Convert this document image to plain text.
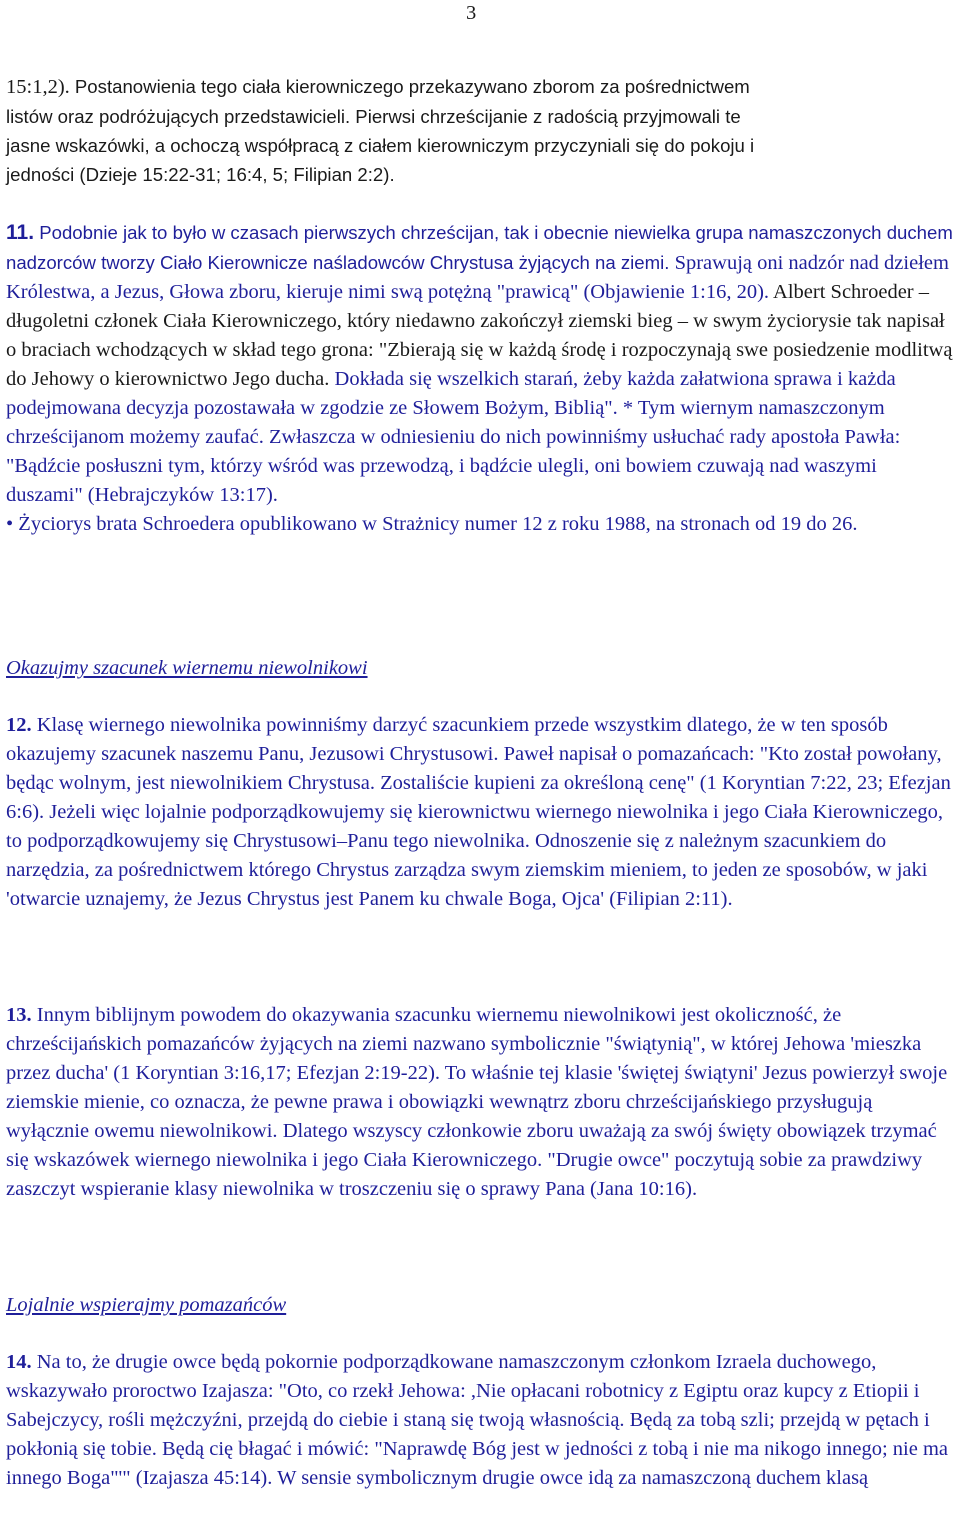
3
15:1,2). Postanowienia tego ciała kierowniczego przekazywano zborom za pośrednictwem
listów oraz podróżujących przedstawicieli. Pierwsi chrześcijanie z radością przyjmowali te
jasne wskazówki, a ochoczą współpracą z ciałem kierowniczym przyczyniali się do pokoju i
jedności (Dzieje 15:22-31; 16:4, 5; Filipian 2:2).
11. Podobnie jak to było w czasach pierwszych chrześcijan, tak i obecnie niewielka grupa namaszczonych duchem nadzorców tworzy Ciało Kierownicze naśladowców Chrystusa żyjących na ziemi. Sprawują oni nadzór nad dziełem Królestwa, a Jezus, Głowa zboru, kieruje nimi swą potężną "prawicą" (Objawienie 1:16, 20). Albert Schroeder – długoletni członek Ciała Kierowniczego, który niedawno zakończył ziemski bieg – w swym życiorysie tak napisał o braciach wchodzących w skład tego grona: "Zbierają się w każdą środę i rozpoczynają swe posiedzenie modlitwą do Jehowy o kierownictwo Jego ducha. Dokłada się wszelkich starań, żeby każda załatwiona sprawa i każda podejmowana decyzja pozostawała w zgodzie ze Słowem Bożym, Biblią". * Tym wiernym namaszczonym chrześcijanom możemy zaufać. Zwłaszcza w odniesieniu do nich powinniśmy usłuchać rady apostoła Pawła: "Bądźcie posłuszni tym, którzy wśród was przewodzą, i bądźcie ulegli, oni bowiem czuwają nad waszymi duszami" (Hebrajczyków 13:17).
• Życiorys brata Schroedera opublikowano w Strażnicy numer 12 z roku 1988, na stronach od 19 do 26.
Okazujmy szacunek wiernemu niewolnikowi
12. Klasę wiernego niewolnika powinniśmy darzyć szacunkiem przede wszystkim dlatego, że w ten sposób okazujemy szacunek naszemu Panu, Jezusowi Chrystusowi. Paweł napisał o pomazańcach: "Kto został powołany, będąc wolnym, jest niewolnikiem Chrystusa. Zostaliście kupieni za określoną cenę" (1 Koryntian 7:22, 23; Efezjan 6:6). Jeżeli więc lojalnie podporządkowujemy się kierownictwu wiernego niewolnika i jego Ciała Kierowniczego, to podporządkowujemy się Chrystusowi–Panu tego niewolnika. Odnoszenie się z należnym szacunkiem do narzędzia, za pośrednictwem którego Chrystus zarządza swym ziemskim mieniem, to jeden ze sposobów, w jaki 'otwarcie uznajemy, że Jezus Chrystus jest Panem ku chwale Boga, Ojca' (Filipian 2:11).
13. Innym biblijnym powodem do okazywania szacunku wiernemu niewolnikowi jest okoliczność, że chrześcijańskich pomazańców żyjących na ziemi nazwano symbolicznie "świątynią", w której Jehowa 'mieszka przez ducha' (1 Koryntian 3:16,17; Efezjan 2:19-22). To właśnie tej klasie 'świętej świątyni' Jezus powierzył swoje ziemskie mienie, co oznacza, że pewne prawa i obowiązki wewnątrz zboru chrześcijańskiego przysługują wyłącznie owemu niewolnikowi. Dlatego wszyscy członkowie zboru uważają za swój święty obowiązek trzymać się wskazówek wiernego niewolnika i jego Ciała Kierowniczego. "Drugie owce" poczytują sobie za prawdziwy zaszczyt wspieranie klasy niewolnika w troszczeniu się o sprawy Pana (Jana 10:16).
Lojalnie wspierajmy pomazańców
14. Na to, że drugie owce będą pokornie podporządkowane namaszczonym członkom Izraela duchowego, wskazywało proroctwo Izajasza: "Oto, co rzekł Jehowa: ,Nie opłacani robotnicy z Egiptu oraz kupcy z Etiopii i Sabejczycy, rośli mężczyźni, przejdą do ciebie i staną się twoją własnością. Będą za tobą szli; przejdą w pętach i pokłonią się tobie. Będą cię błagać i mówić: "Naprawdę Bóg jest w jedności z tobą i nie ma nikogo innego; nie ma innego Boga"'" (Izajasza 45:14). W sensie symbolicznym drugie owce idą za namaszczoną duchem klasą
